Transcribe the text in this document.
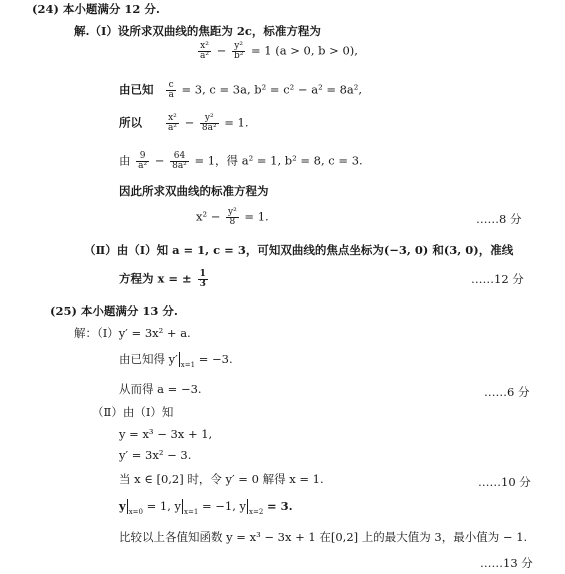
(24) 本小题满分 12 分.
解.（Ⅰ）设所求双曲线的焦距为 2c，标准方程为
$\frac{\text{x²}}{\text{a²}} - \frac{\text{y²}}{\text{b²}} = 1$ (a > 0, b > 0),
由已知 $\frac{c}{a} = 3$, c = 3a, b² = c² − a² = 8a²,
所以	$\frac{\text{x²}}{\text{a²}} - \frac{\text{y²}}{\text{8a²}} = 1$.
由 $\frac{9}{\text{a²}} - \frac{64}{\text{8a²}} = 1$，得 a² = 1, b² = 8, c = 3.
因此所求双曲线的标准方程为
$x^2 - \frac{\text{y²}}{8} = 1$.	……8 分
（Ⅱ）由（Ⅰ）知 a = 1, c = 3，可知双曲线的焦点坐标为(−3, 0) 和(3, 0)，准线
方程为 x = ± $\frac{1}{3}$	……12 分
(25) 本小题满分 13 分.
解：（Ⅰ）y′ = 3x² + a.
由已知得 y′ $_{x=1}$ = −3.
从而得 a = −3.	……6 分
（Ⅱ）由（Ⅰ）知
y = x³ − 3x + 1,
y′ = 3x² − 3.
当 x ∈ [0,2] 时，令 y′ = 0 解得 x = 1.	……10 分
y $_{x=0}$ = 1, y $_{x=1}$ = −1, y $_{x=2}$ = 3.
比较以上各值知函数 y = x³ − 3x + 1 在[0,2] 上的最大值为 3，最小值为 − 1.
……13 分
